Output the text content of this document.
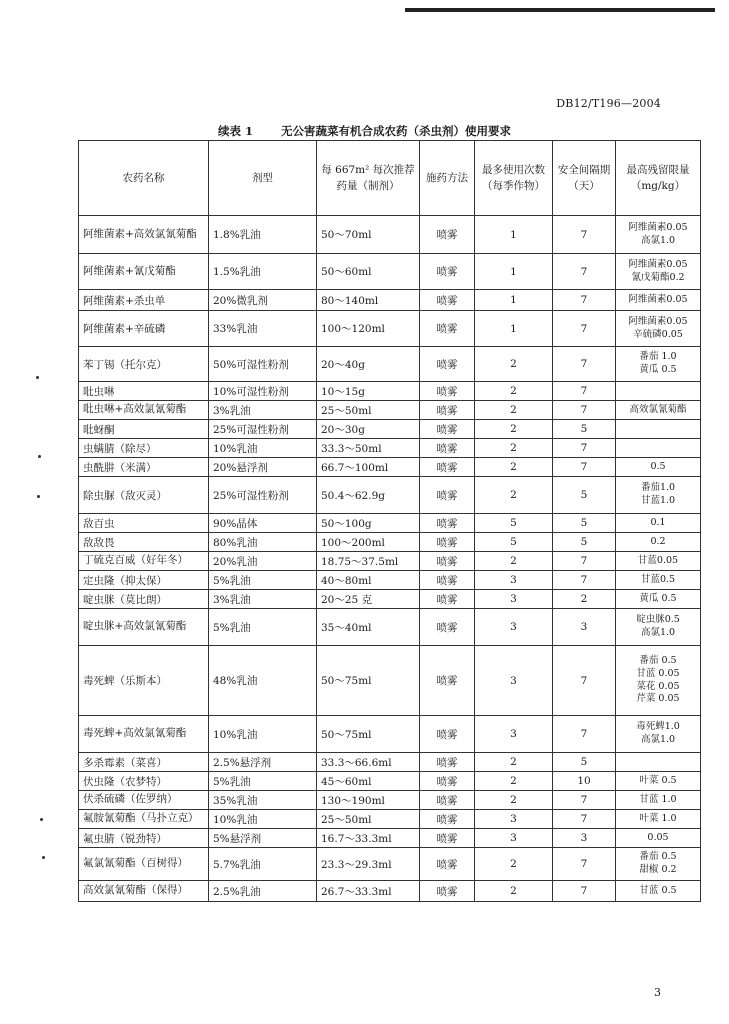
DB12/T196—2004
续表 1 无公害蔬菜有机合成农药（杀虫剂）使用要求
农药名称	剂型	每 667m² 每次推荐药量（制剂）	施药方法	最多使用次数（每季作物）	安全间隔期（天）	最高残留限量（mg/kg）
阿维菌素+高效氯氰菊酯	1.8%乳油	50～70ml	喷雾	1	7	阿维菌素0.05
高氯1.0

阿维菌素+氰戊菊酯	1.5%乳油	50～60ml	喷雾	1	7	阿维菌素0.05
氰戊菊酯0.2

阿维菌素+杀虫单	20%微乳剂	80～140ml	喷雾	1	7	阿维菌素0.05

阿维菌素+辛硫磷	33%乳油	100～120ml	喷雾	1	7	阿维菌素0.05
辛硫磷0.05

苯丁锡（托尔克）	50%可湿性粉剂	20～40g	喷雾	2	7	番茄 1.0
黄瓜 0.5

吡虫啉	10%可湿性粉剂	10～15g	喷雾	2	7	
吡虫啉+高效氯氰菊酯	3%乳油	25～50ml	喷雾	2	7	高效氯氰菊酯

吡蚜酮	25%可湿性粉剂	20～30g	喷雾	2	5	
虫螨腈（除尽）	10%乳油	33.3～50ml	喷雾	2	7	
虫酰肼（米满）	20%悬浮剂	66.7～100ml	喷雾	2	7	0.5

除虫脲（敌灭灵）	25%可湿性粉剂	50.4～62.9g	喷雾	2	5	番茄1.0
甘蓝1.0

敌百虫	90%晶体	50～100g	喷雾	5	5	0.1

敌敌畏	80%乳油	100～200ml	喷雾	5	5	0.2

丁硫克百威（好年冬）	20%乳油	18.75～37.5ml	喷雾	2	7	甘蓝0.05

定虫隆（抑太保）	5%乳油	40～80ml	喷雾	3	7	甘蓝0.5

啶虫脒（莫比朗）	3%乳油	20～25 克	喷雾	3	2	黄瓜 0.5

啶虫脒+高效氯氰菊酯	5%乳油	35～40ml	喷雾	3	3	啶虫脒0.5
高氯1.0

毒死蜱（乐斯本）	48%乳油	50～75ml	喷雾	3	7	番茄 0.5
甘蓝 0.05
菜花 0.05
芹菜 0.05

毒死蜱+高效氯氰菊酯	10%乳油	50～75ml	喷雾	3	7	毒死蜱1.0
高氯1.0

多杀霉素（菜喜）	2.5%悬浮剂	33.3～66.6ml	喷雾	2	5	
伏虫隆（农梦特）	5%乳油	45～60ml	喷雾	2	10	叶菜 0.5

伏杀硫磷（佐罗纳）	35%乳油	130～190ml	喷雾	2	7	甘蓝 1.0

氟胺氰菊酯（马扑立克）	10%乳油	25～50ml	喷雾	3	7	叶菜 1.0

氟虫腈（锐劲特）	5%悬浮剂	16.7～33.3ml	喷雾	3	3	0.05

氟氯氰菊酯（百树得）	5.7%乳油	23.3～29.3ml	喷雾	2	7	番茄 0.5
甜椒 0.2

高效氯氰菊酯（保得）	2.5%乳油	26.7～33.3ml	喷雾	2	7	甘蓝 0.5
3
